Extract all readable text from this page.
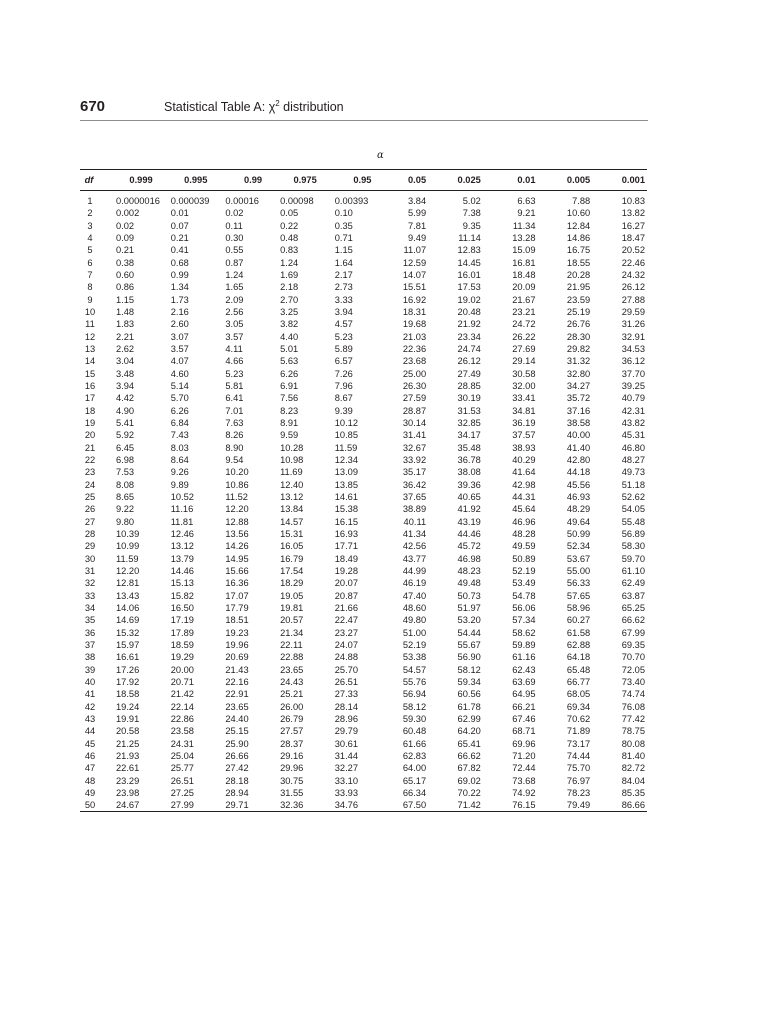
670	Statistical Table A: $\chi^2$ distribution
α
df	0.999	0.995	0.99	0.975	0.95	0.05	0.025	0.01	0.005	0.001
1	0.0000016	0.000039	0.00016	0.00098	0.00393	3.84	5.02	6.63	7.88	10.83
2	0.002	0.01	0.02	0.05	0.10	5.99	7.38	9.21	10.60	13.82
3	0.02	0.07	0.11	0.22	0.35	7.81	9.35	11.34	12.84	16.27
4	0.09	0.21	0.30	0.48	0.71	9.49	11.14	13.28	14.86	18.47
5	0.21	0.41	0.55	0.83	1.15	11.07	12.83	15.09	16.75	20.52
6	0.38	0.68	0.87	1.24	1.64	12.59	14.45	16.81	18.55	22.46
7	0.60	0.99	1.24	1.69	2.17	14.07	16.01	18.48	20.28	24.32
8	0.86	1.34	1.65	2.18	2.73	15.51	17.53	20.09	21.95	26.12
9	1.15	1.73	2.09	2.70	3.33	16.92	19.02	21.67	23.59	27.88
10	1.48	2.16	2.56	3.25	3.94	18.31	20.48	23.21	25.19	29.59
11	1.83	2.60	3.05	3.82	4.57	19.68	21.92	24.72	26.76	31.26
12	2.21	3.07	3.57	4.40	5.23	21.03	23.34	26.22	28.30	32.91
13	2.62	3.57	4.11	5.01	5.89	22.36	24.74	27.69	29.82	34.53
14	3.04	4.07	4.66	5.63	6.57	23.68	26.12	29.14	31.32	36.12
15	3.48	4.60	5.23	6.26	7.26	25.00	27.49	30.58	32.80	37.70
16	3.94	5.14	5.81	6.91	7.96	26.30	28.85	32.00	34.27	39.25
17	4.42	5.70	6.41	7.56	8.67	27.59	30.19	33.41	35.72	40.79
18	4.90	6.26	7.01	8.23	9.39	28.87	31.53	34.81	37.16	42.31
19	5.41	6.84	7.63	8.91	10.12	30.14	32.85	36.19	38.58	43.82
20	5.92	7.43	8.26	9.59	10.85	31.41	34.17	37.57	40.00	45.31
21	6.45	8.03	8.90	10.28	11.59	32.67	35.48	38.93	41.40	46.80
22	6.98	8.64	9.54	10.98	12.34	33.92	36.78	40.29	42.80	48.27
23	7.53	9.26	10.20	11.69	13.09	35.17	38.08	41.64	44.18	49.73
24	8.08	9.89	10.86	12.40	13.85	36.42	39.36	42.98	45.56	51.18
25	8.65	10.52	11.52	13.12	14.61	37.65	40.65	44.31	46.93	52.62
26	9.22	11.16	12.20	13.84	15.38	38.89	41.92	45.64	48.29	54.05
27	9.80	11.81	12.88	14.57	16.15	40.11	43.19	46.96	49.64	55.48
28	10.39	12.46	13.56	15.31	16.93	41.34	44.46	48.28	50.99	56.89
29	10.99	13.12	14.26	16.05	17.71	42.56	45.72	49.59	52.34	58.30
30	11.59	13.79	14.95	16.79	18.49	43.77	46.98	50.89	53.67	59.70
31	12.20	14.46	15.66	17.54	19.28	44.99	48.23	52.19	55.00	61.10
32	12.81	15.13	16.36	18.29	20.07	46.19	49.48	53.49	56.33	62.49
33	13.43	15.82	17.07	19.05	20.87	47.40	50.73	54.78	57.65	63.87
34	14.06	16.50	17.79	19.81	21.66	48.60	51.97	56.06	58.96	65.25
35	14.69	17.19	18.51	20.57	22.47	49.80	53.20	57.34	60.27	66.62
36	15.32	17.89	19.23	21.34	23.27	51.00	54.44	58.62	61.58	67.99
37	15.97	18.59	19.96	22.11	24.07	52.19	55.67	59.89	62.88	69.35
38	16.61	19.29	20.69	22.88	24.88	53.38	56.90	61.16	64.18	70.70
39	17.26	20.00	21.43	23.65	25.70	54.57	58.12	62.43	65.48	72.05
40	17.92	20.71	22.16	24.43	26.51	55.76	59.34	63.69	66.77	73.40
41	18.58	21.42	22.91	25.21	27.33	56.94	60.56	64.95	68.05	74.74
42	19.24	22.14	23.65	26.00	28.14	58.12	61.78	66.21	69.34	76.08
43	19.91	22.86	24.40	26.79	28.96	59.30	62.99	67.46	70.62	77.42
44	20.58	23.58	25.15	27.57	29.79	60.48	64.20	68.71	71.89	78.75
45	21.25	24.31	25.90	28.37	30.61	61.66	65.41	69.96	73.17	80.08
46	21.93	25.04	26.66	29.16	31.44	62.83	66.62	71.20	74.44	81.40
47	22.61	25.77	27.42	29.96	32.27	64.00	67.82	72.44	75.70	82.72
48	23.29	26.51	28.18	30.75	33.10	65.17	69.02	73.68	76.97	84.04
49	23.98	27.25	28.94	31.55	33.93	66.34	70.22	74.92	78.23	85.35
50	24.67	27.99	29.71	32.36	34.76	67.50	71.42	76.15	79.49	86.66
